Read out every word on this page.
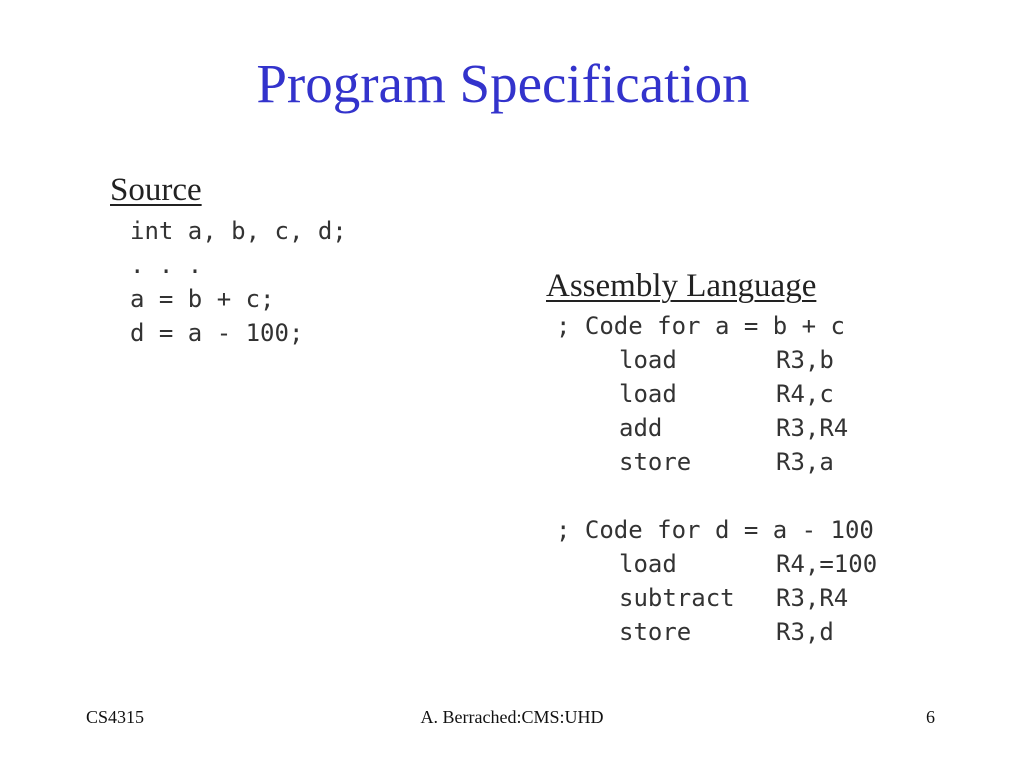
Program Specification
Source
int a, b, c, d;
. . .
a = b + c;
d = a - 100;
Assembly Language
; Code for a = b + c
load	R3,b
load	R4,c
add	R3,R4
store	R3,a
; Code for d = a - 100
load	R4,=100
subtract R3,R4
store	R3,d
CS4315	A. Berrached:CMS:UHD	6
